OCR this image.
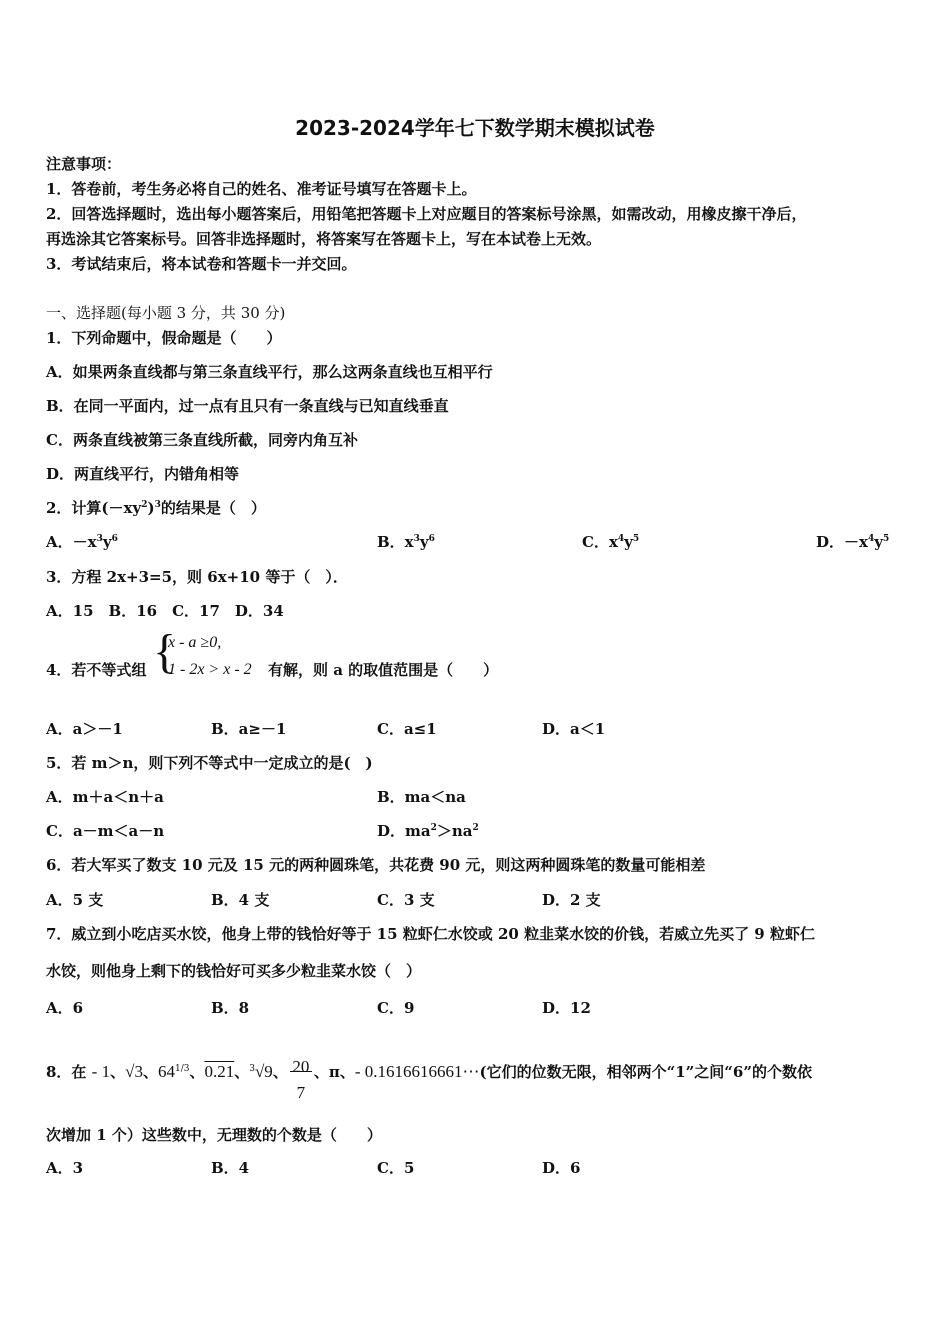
2023-2024学年七下数学期末模拟试卷
注意事项：
1．答卷前，考生务必将自己的姓名、准考证号填写在答题卡上。
2．回答选择题时，选出每小题答案后，用铅笔把答题卡上对应题目的答案标号涂黑，如需改动，用橡皮擦干净后，
再选涂其它答案标号。回答非选择题时，将答案写在答题卡上，写在本试卷上无效。
3．考试结束后，将本试卷和答题卡一并交回。
一、选择题(每小题 3 分，共 30 分)
1．下列命题中，假命题是（　　）
A．如果两条直线都与第三条直线平行，那么这两条直线也互相平行
B．在同一平面内，过一点有且只有一条直线与已知直线垂直
C．两条直线被第三条直线所截，同旁内角互补
D．两直线平行，内错角相等
2．计算$(-xy^2)^3$的结果是（　）
A．$-x^3y^6$	B．$x^3y^6$	C．$x^4y^5$	D．$-x^4y^5$
3．方程 2x+3=5，则 6x+10 等于（　）．
A．15　B．16　C．17　D．34
4．若不等式组 {
x - a ≥0,
1 - 2x > x - 2 有解，则 a 的取值范围是（　　）
A．a＞－1	B．a≥－1	C．a≤1	D．a＜1
5．若 m＞n，则下列不等式中一定成立的是(　)
A．m＋a＜n＋a	B．ma＜na
C．a－m＜a－n	D．$ma^2>na^2$
6．若大军买了数支 10 元及 15 元的两种圆珠笔，共花费 90 元，则这两种圆珠笔的数量可能相差
A．5 支	B．4 支	C．3 支	D．2 支
7．威立到小吃店买水饺，他身上带的钱恰好等于 15 粒虾仁水饺或 20 粒韭菜水饺的价钱，若威立先买了 9 粒虾仁
水饺，则他身上剩下的钱恰好可买多少粒韭菜水饺（　）
A．6	B．8	C．9	D．12
8．在 - 1、√3、$64^{1/3}$、0.21、$^3$√9、 20
7
、π、- 0.1616616661⋯(它们的位数无限，相邻两个“1”之间“6”的个数依
次增加 1 个）这些数中，无理数的个数是（　　）
A．3	B．4	C．5	D．6
